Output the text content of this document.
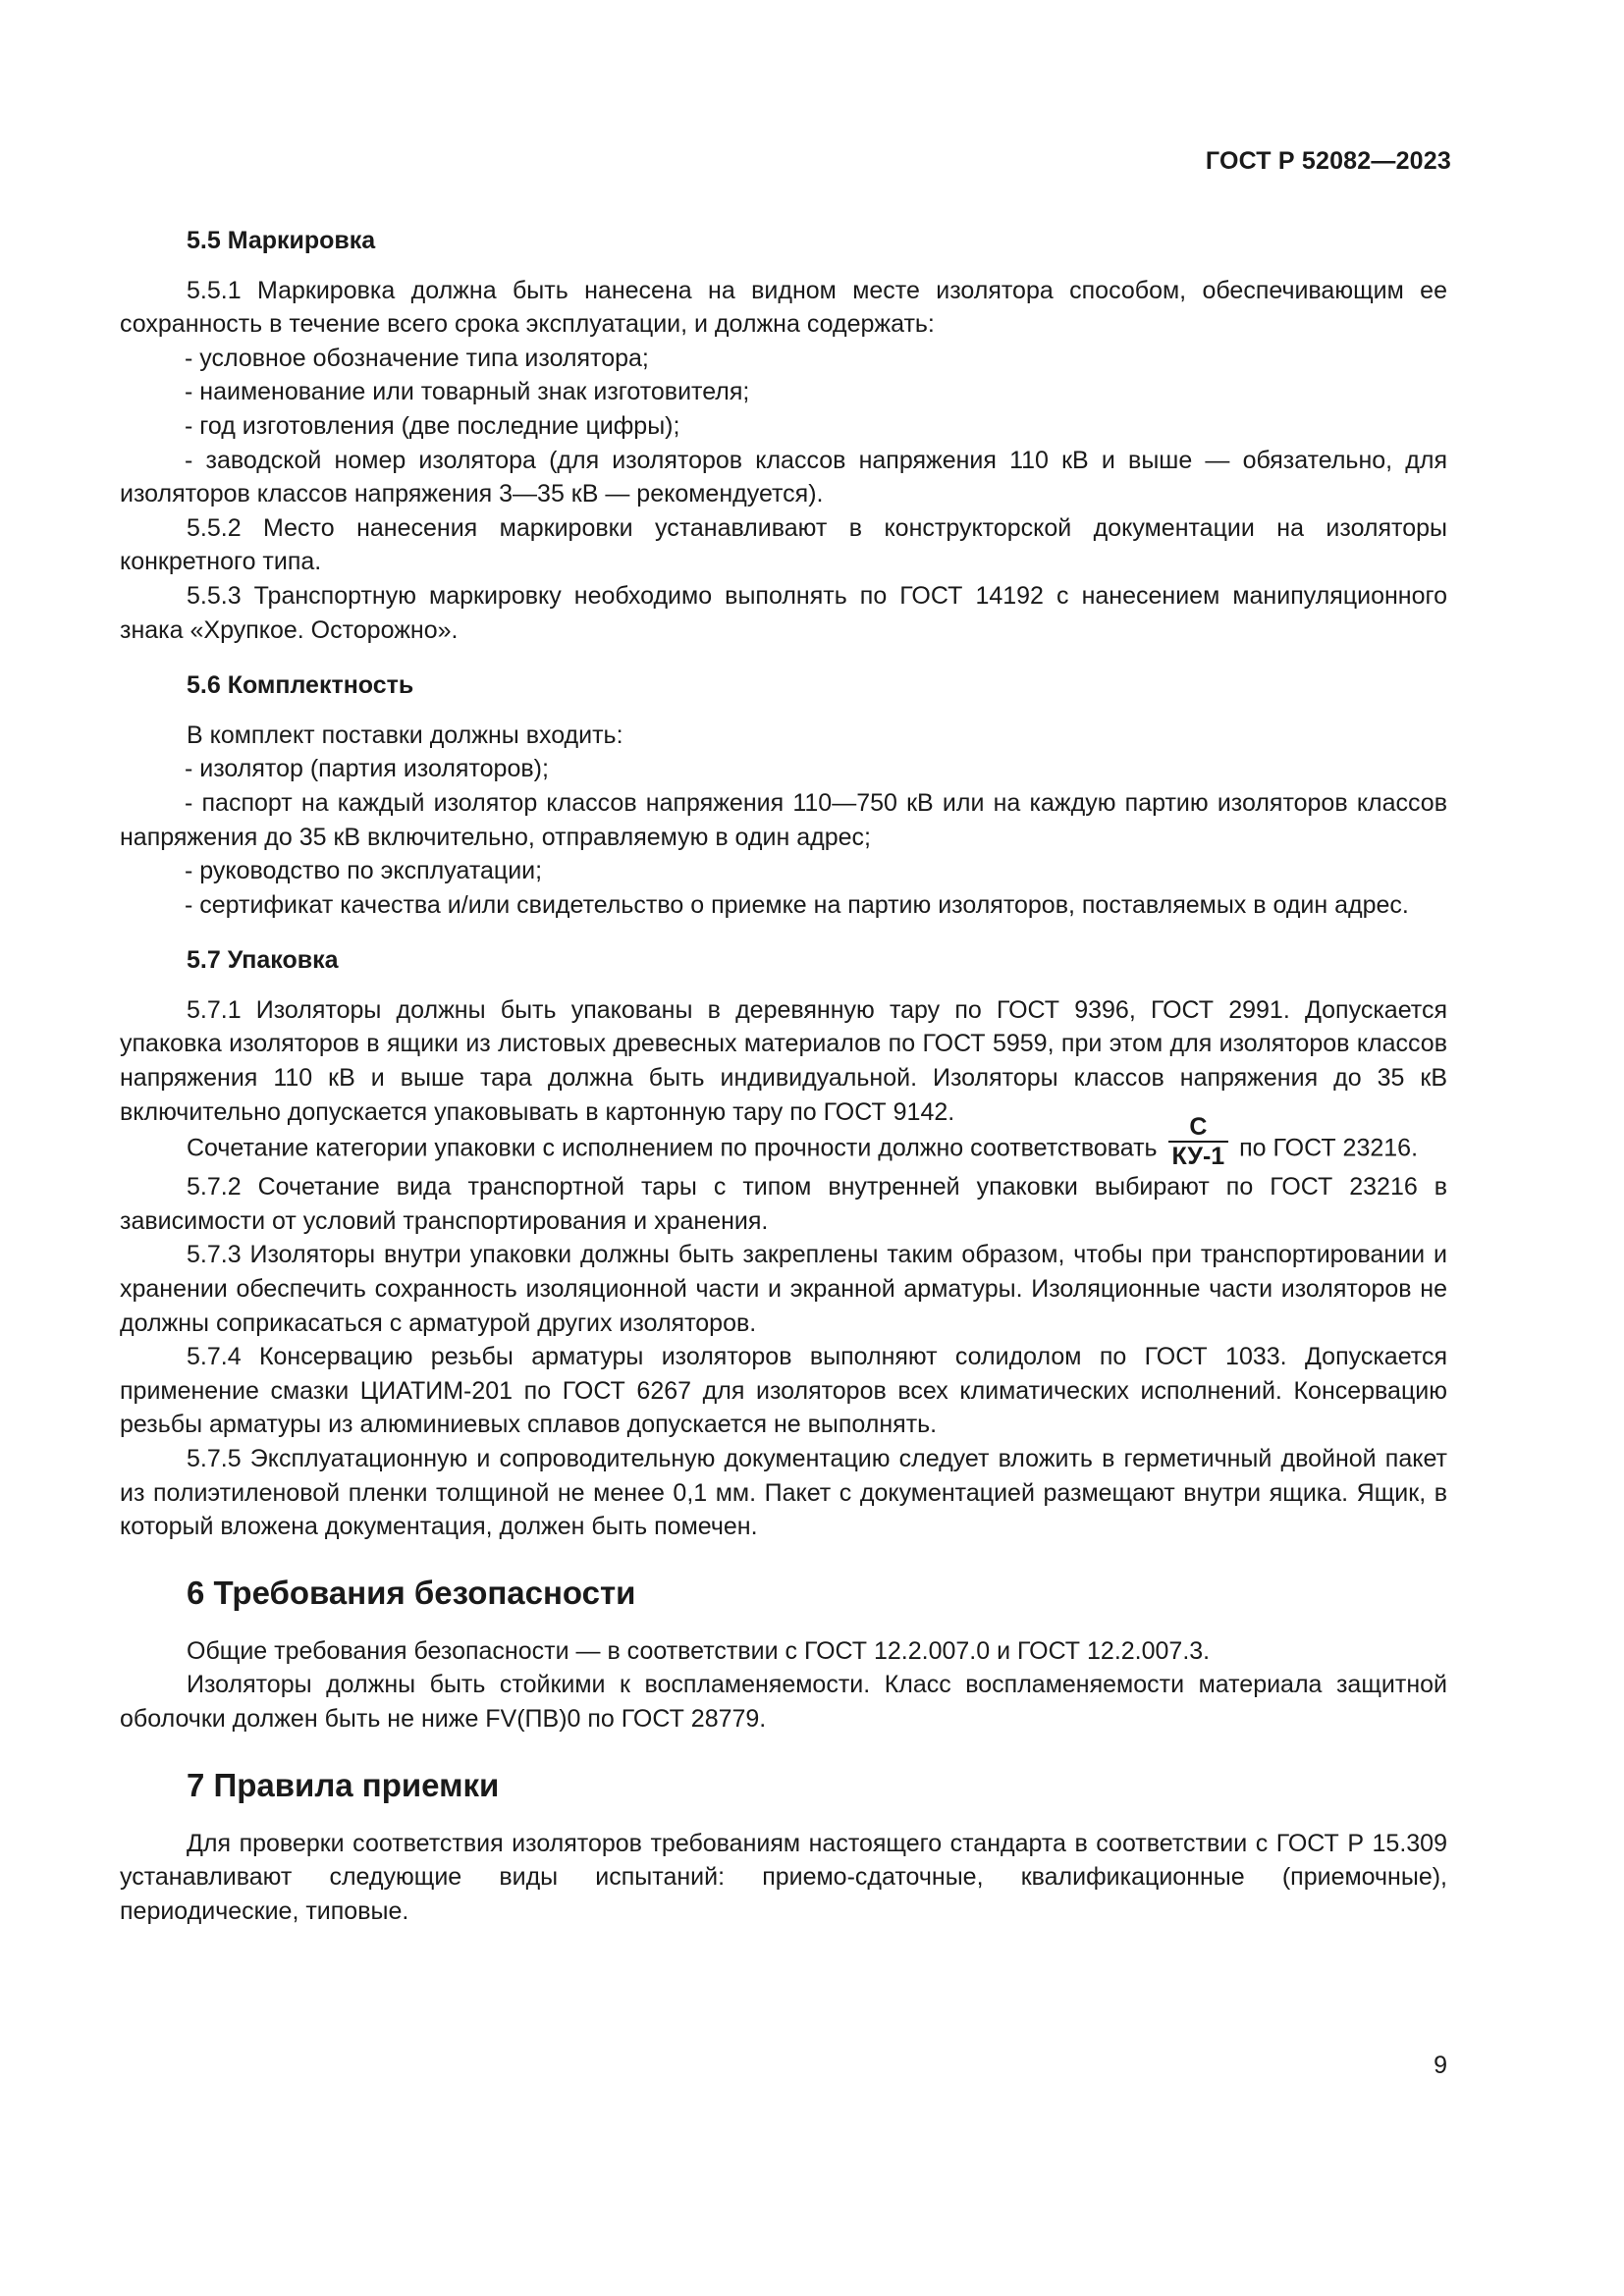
ГОСТ Р 52082—2023

5.5 Маркировка

5.5.1 Маркировка должна быть нанесена на видном месте изолятора способом, обеспечивающим ее сохранность в течение всего срока эксплуатации, и должна содержать:

- условное обозначение типа изолятора;

- наименование или товарный знак изготовителя;

- год изготовления (две последние цифры);

- заводской номер изолятора (для изоляторов классов напряжения 110 кВ и выше — обязательно, для изоляторов классов напряжения 3—35 кВ — рекомендуется).

5.5.2 Место нанесения маркировки устанавливают в конструкторской документации на изоляторы конкретного типа.

5.5.3 Транспортную маркировку необходимо выполнять по ГОСТ 14192 с нанесением манипуляционного знака «Хрупкое. Осторожно».

5.6 Комплектность

В комплект поставки должны входить:

- изолятор (партия изоляторов);

- паспорт на каждый изолятор классов напряжения 110—750 кВ или на каждую партию изоляторов классов напряжения до 35 кВ включительно, отправляемую в один адрес;

- руководство по эксплуатации;

- сертификат качества и/или свидетельство о приемке на партию изоляторов, поставляемых в один адрес.

5.7 Упаковка

5.7.1 Изоляторы должны быть упакованы в деревянную тару по ГОСТ 9396, ГОСТ 2991. Допускается упаковка изоляторов в ящики из листовых древесных материалов по ГОСТ 5959, при этом для изоляторов классов напряжения 110 кВ и выше тара должна быть индивидуальной. Изоляторы классов напряжения до 35 кВ включительно допускается упаковывать в картонную тару по ГОСТ 9142.

Сочетание категории упаковки с исполнением по прочности должно соответствовать $\frac{С}{КУ-1}$ по ГОСТ 23216.

5.7.2 Сочетание вида транспортной тары с типом внутренней упаковки выбирают по ГОСТ 23216 в зависимости от условий транспортирования и хранения.

5.7.3 Изоляторы внутри упаковки должны быть закреплены таким образом, чтобы при транспортировании и хранении обеспечить сохранность изоляционной части и экранной арматуры. Изоляционные части изоляторов не должны соприкасаться с арматурой других изоляторов.

5.7.4 Консервацию резьбы арматуры изоляторов выполняют солидолом по ГОСТ 1033. Допускается применение смазки ЦИАТИМ-201 по ГОСТ 6267 для изоляторов всех климатических исполнений. Консервацию резьбы арматуры из алюминиевых сплавов допускается не выполнять.

5.7.5 Эксплуатационную и сопроводительную документацию следует вложить в герметичный двойной пакет из полиэтиленовой пленки толщиной не менее 0,1 мм. Пакет с документацией размещают внутри ящика. Ящик, в который вложена документация, должен быть помечен.

6 Требования безопасности

Общие требования безопасности — в соответствии с ГОСТ 12.2.007.0 и ГОСТ 12.2.007.3.

Изоляторы должны быть стойкими к воспламеняемости. Класс воспламеняемости материала защитной оболочки должен быть не ниже FV(ПВ)0 по ГОСТ 28779.

7 Правила приемки

Для проверки соответствия изоляторов требованиям настоящего стандарта в соответствии с ГОСТ Р 15.309 устанавливают следующие виды испытаний: приемо-сдаточные, квалификационные (приемочные), периодические, типовые.

9
